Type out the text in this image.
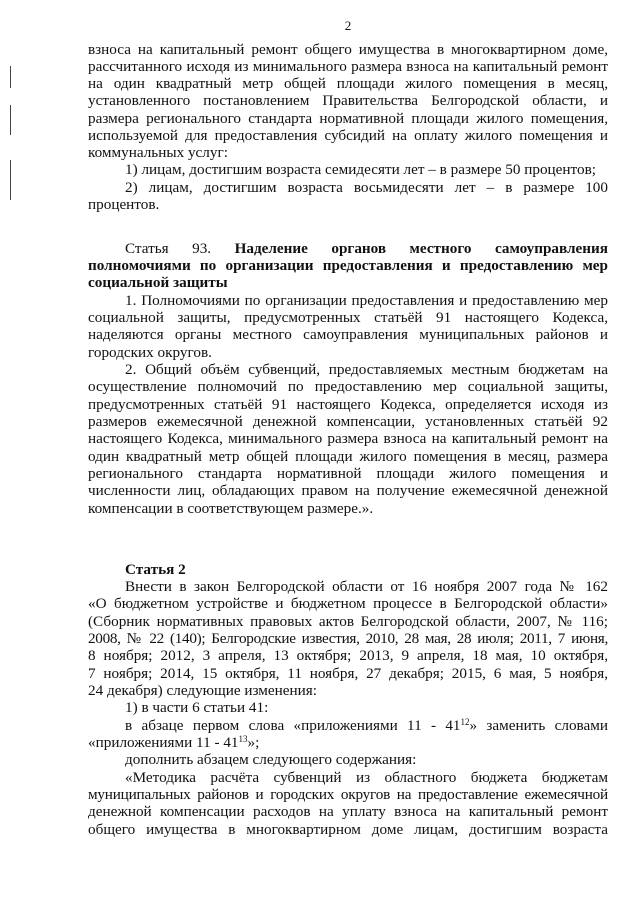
2
взноса на капитальный ремонт общего имущества в многоквартирном доме,
рассчитанного исходя из минимального размера взноса на капитальный ремонт
на один квадратный метр общей площади жилого помещения в месяц,
установленного постановлением Правительства Белгородской области, и
размера регионального стандарта нормативной площади жилого помещения,
используемой для предоставления субсидий на оплату жилого помещения и
коммунальных услуг:
1) лицам, достигшим возраста семидесяти лет – в размере 50 процентов;
2) лицам, достигшим возраста восьмидесяти лет – в размере 100
процентов.
Статья 93. Наделение органов местного самоуправления
полномочиями по организации предоставления и предоставлению мер
социальной защиты
1. Полномочиями по организации предоставления и предоставлению мер
социальной защиты, предусмотренных статьёй 91 настоящего Кодекса,
наделяются органы местного самоуправления муниципальных районов и
городских округов.
2. Общий объём субвенций, предоставляемых местным бюджетам на
осуществление полномочий по предоставлению мер социальной защиты,
предусмотренных статьёй 91 настоящего Кодекса, определяется исходя из
размеров ежемесячной денежной компенсации, установленных статьёй 92
настоящего Кодекса, минимального размера взноса на капитальный ремонт на
один квадратный метр общей площади жилого помещения в месяц, размера
регионального стандарта нормативной площади жилого помещения и
численности лиц, обладающих правом на получение ежемесячной денежной
компенсации в соответствующем размере.».
Статья 2
Внести в закон Белгородской области от 16 ноября 2007 года № 162
«О бюджетном устройстве и бюджетном процессе в Белгородской области»
(Сборник нормативных правовых актов Белгородской области, 2007, № 116;
2008, № 22 (140); Белгородские известия, 2010, 28 мая, 28 июля; 2011, 7 июня,
8 ноября; 2012, 3 апреля, 13 октября; 2013, 9 апреля, 18 мая, 10 октября,
7 ноября; 2014, 15 октября, 11 ноября, 27 декабря; 2015, 6 мая, 5 ноября,
24 декабря) следующие изменения:
1) в части 6 статьи 41:
в абзаце первом слова «приложениями $11 - 41^{12}$» заменить словами
«приложениями $11 - 41^{13}$»;
дополнить абзацем следующего содержания:
«Методика расчёта субвенций из областного бюджета бюджетам
муниципальных районов и городских округов на предоставление ежемесячной
денежной компенсации расходов на уплату взноса на капитальный ремонт
общего имущества в многоквартирном доме лицам, достигшим возраста
